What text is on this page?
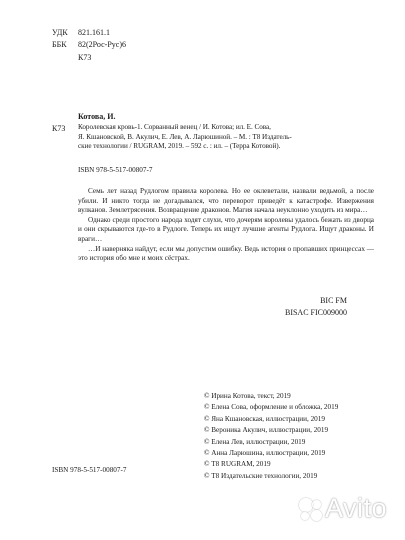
УДК 821.161.1
ББК 82(2Рос-Рус)6
К73
К73
Котова, И.
Королевская кровь-1. Сорванный венец / И. Котова; ил. Е. Сова,
Я. Кшановской, В. Акулич, Е. Лев, А. Ларюшиной. – М. : Т8 Издатель-
ские технологии / RUGRAM, 2019. – 592 с. : ил. – (Терра Котовой).
ISBN 978-5-517-00807-7

Семь лет назад Рудлогом правила королева. Но ее оклеветали, назвали ведьмой, а после убили. И никто тогда не догадывался, что переворот приведёт к катастрофе. Извержения вулканов. Землетрясения. Возвращение драконов. Магия начала неуклонно уходить из мира…

Однако среди простого народа ходят слухи, что дочерям королевы удалось бежать из дворца и они скрываются где-то в Рудлоге. Теперь их ищут лучшие агенты Рудлога. Ищут драконы. И враги…

…И наверняка найдут, если мы допустим ошибку. Ведь история о пропавших принцессах — это история обо мне и моих сёстрах.

BIC FM
BISAC FIC009000
© Ирина Котова, текст, 2019
© Елена Сова, оформление и обложка, 2019
© Яна Кшановская, иллюстрации, 2019
© Вероника Акулич, иллюстрации, 2019
© Елена Лев, иллюстрации, 2019
© Анна Ларюшина, иллюстрации, 2019
© Т8 RUGRAM, 2019
© Т8 Издательские технологии, 2019
ISBN 978-5-517-00807-7
Avito
